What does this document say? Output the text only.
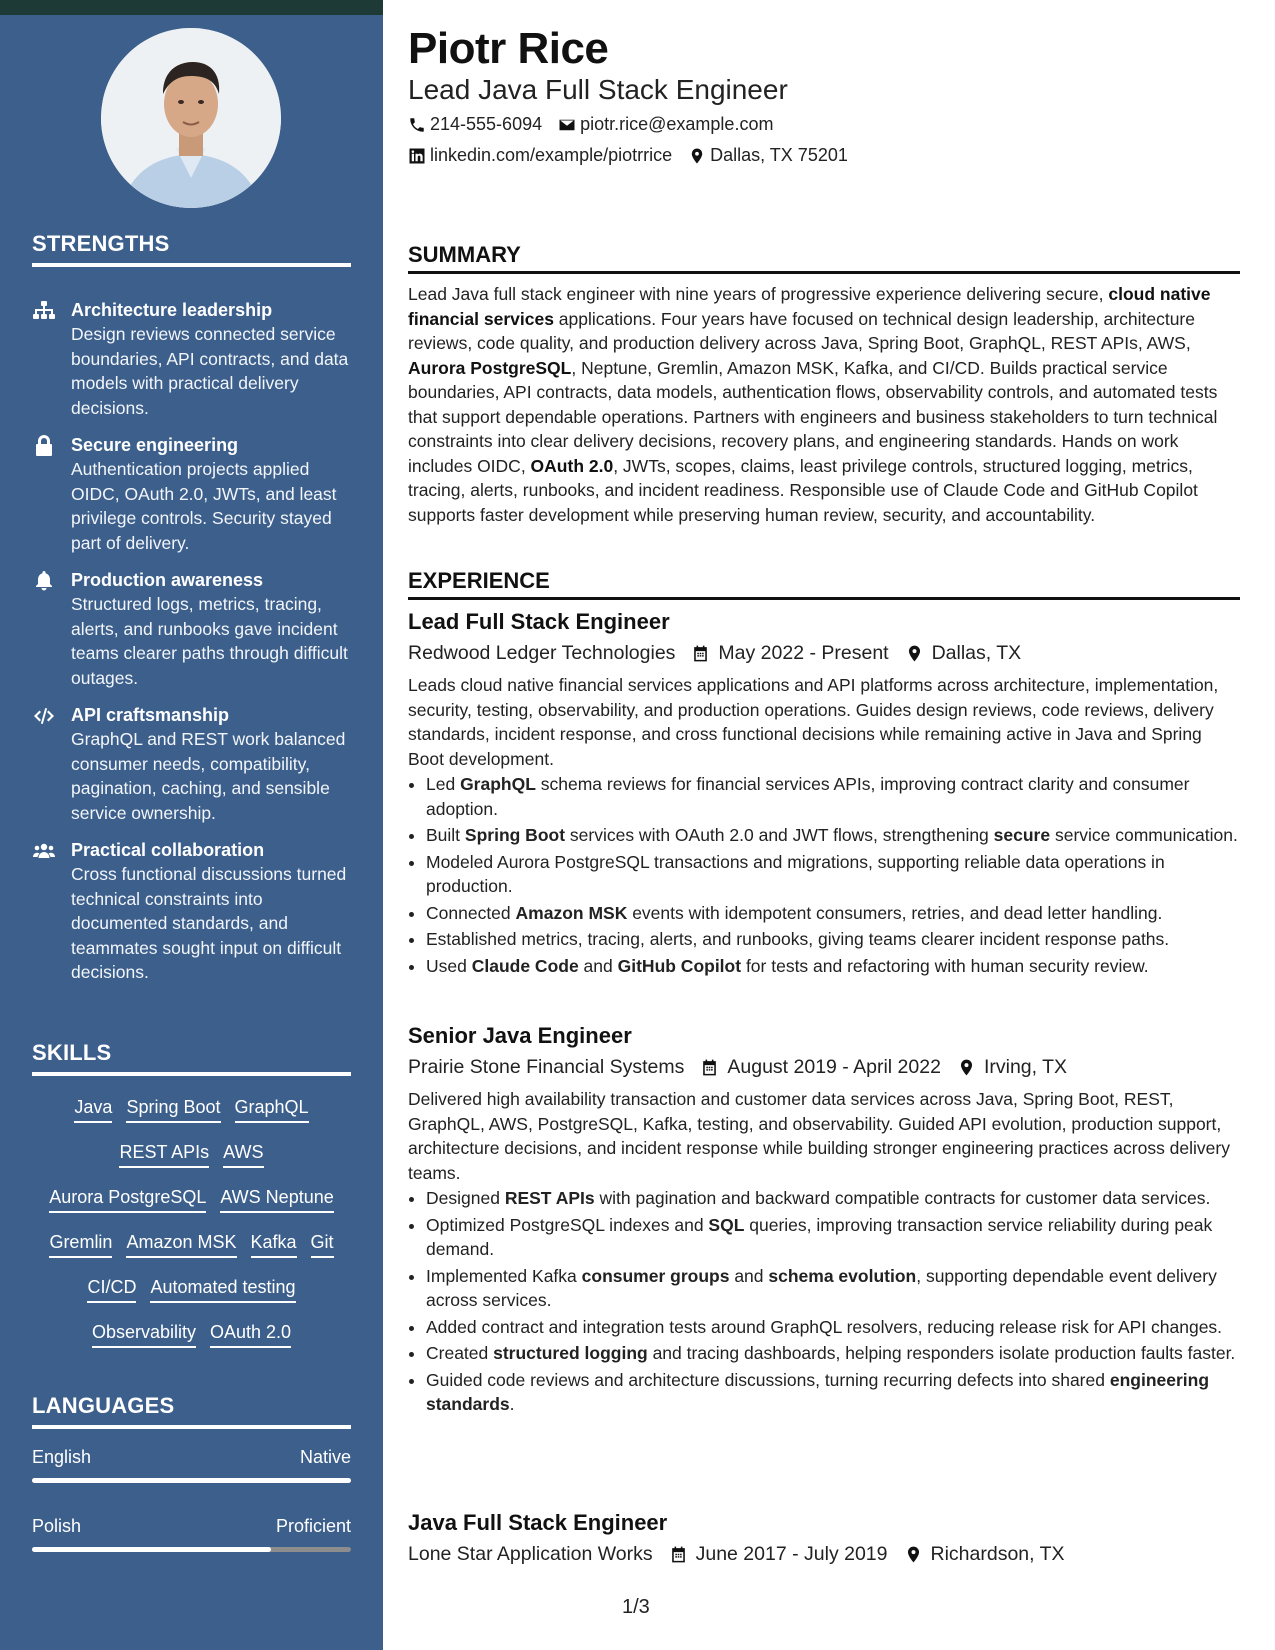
STRENGTHS
Architecture leadership
Design reviews connected service boundaries, API contracts, and data models with practical delivery decisions.
Secure engineering
Authentication projects applied OIDC, OAuth 2.0, JWTs, and least privilege controls. Security stayed part of delivery.
Production awareness
Structured logs, metrics, tracing, alerts, and runbooks gave incident teams clearer paths through difficult outages.
API craftsmanship
GraphQL and REST work balanced consumer needs, compatibility, pagination, caching, and sensible service ownership.
Practical collaboration
Cross functional discussions turned technical constraints into documented standards, and teammates sought input on difficult decisions.
SKILLS
Java Spring Boot GraphQL
REST APIs AWS
Aurora PostgreSQL AWS Neptune
Gremlin Amazon MSK Kafka Git
CI/CD Automated testing
Observability OAuth 2.0
LANGUAGES
English	Native
Polish	Proficient
Piotr Rice
Lead Java Full Stack Engineer
214-555-6094 piotr.rice@example.com
linkedin.com/example/piotrrice Dallas, TX 75201
SUMMARY
Lead Java full stack engineer with nine years of progressive experience delivering secure, cloud native financial services applications. Four years have focused on technical design leadership, architecture reviews, code quality, and production delivery across Java, Spring Boot, GraphQL, REST APIs, AWS, Aurora PostgreSQL, Neptune, Gremlin, Amazon MSK, Kafka, and CI/CD. Builds practical service boundaries, API contracts, data models, authentication flows, observability controls, and automated tests that support dependable operations. Partners with engineers and business stakeholders to turn technical constraints into clear delivery decisions, recovery plans, and engineering standards. Hands on work includes OIDC, OAuth 2.0, JWTs, scopes, claims, least privilege controls, structured logging, metrics, tracing, alerts, runbooks, and incident readiness. Responsible use of Claude Code and GitHub Copilot supports faster development while preserving human review, security, and accountability.
EXPERIENCE
Lead Full Stack Engineer
Redwood Ledger Technologies May 2022 - Present Dallas, TX
Leads cloud native financial services applications and API platforms across architecture, implementation, security, testing, observability, and production operations. Guides design reviews, code reviews, delivery standards, incident response, and cross functional decisions while remaining active in Java and Spring Boot development.
• Led GraphQL schema reviews for financial services APIs, improving contract clarity and consumer adoption.
• Built Spring Boot services with OAuth 2.0 and JWT flows, strengthening secure service communication.
• Modeled Aurora PostgreSQL transactions and migrations, supporting reliable data operations in production.
• Connected Amazon MSK events with idempotent consumers, retries, and dead letter handling.
• Established metrics, tracing, alerts, and runbooks, giving teams clearer incident response paths.
• Used Claude Code and GitHub Copilot for tests and refactoring with human security review.
Senior Java Engineer
Prairie Stone Financial Systems August 2019 - April 2022 Irving, TX
Delivered high availability transaction and customer data services across Java, Spring Boot, REST, GraphQL, AWS, PostgreSQL, Kafka, testing, and observability. Guided API evolution, production support, architecture decisions, and incident response while building stronger engineering practices across delivery teams.
• Designed REST APIs with pagination and backward compatible contracts for customer data services.
• Optimized PostgreSQL indexes and SQL queries, improving transaction service reliability during peak demand.
• Implemented Kafka consumer groups and schema evolution, supporting dependable event delivery across services.
• Added contract and integration tests around GraphQL resolvers, reducing release risk for API changes.
• Created structured logging and tracing dashboards, helping responders isolate production faults faster.
• Guided code reviews and architecture discussions, turning recurring defects into shared engineering standards.
Java Full Stack Engineer
Lone Star Application Works June 2017 - July 2019 Richardson, TX
1/3
